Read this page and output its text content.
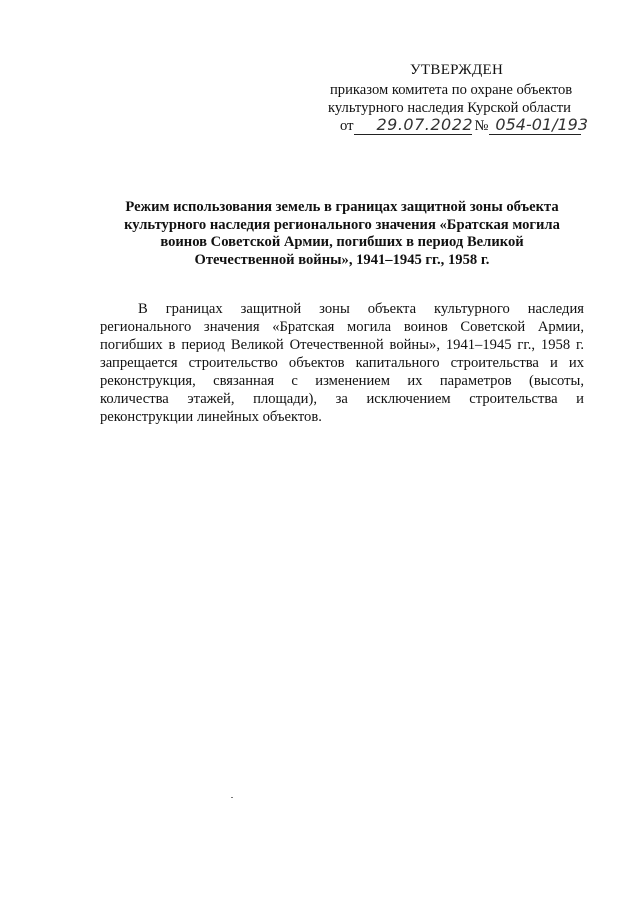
УТВЕРЖДЕН
приказом комитета по охране объектов
культурного наследия Курской области
от 29.07.2022 № 054-01/193
Режим использования земель в границах защитной зоны объекта
культурного наследия регионального значения «Братская могила
воинов Советской Армии, погибших в период Великой
Отечественной войны», 1941–1945 гг., 1958 г.
В границах защитной зоны объекта культурного наследия
регионального значения «Братская могила воинов Советской Армии,
погибших в период Великой Отечественной войны», 1941–1945 гг., 1958 г.
запрещается строительство объектов капитального строительства и их
реконструкция, связанная с изменением их параметров (высоты,
количества этажей, площади), за исключением строительства и
реконструкции линейных объектов.
